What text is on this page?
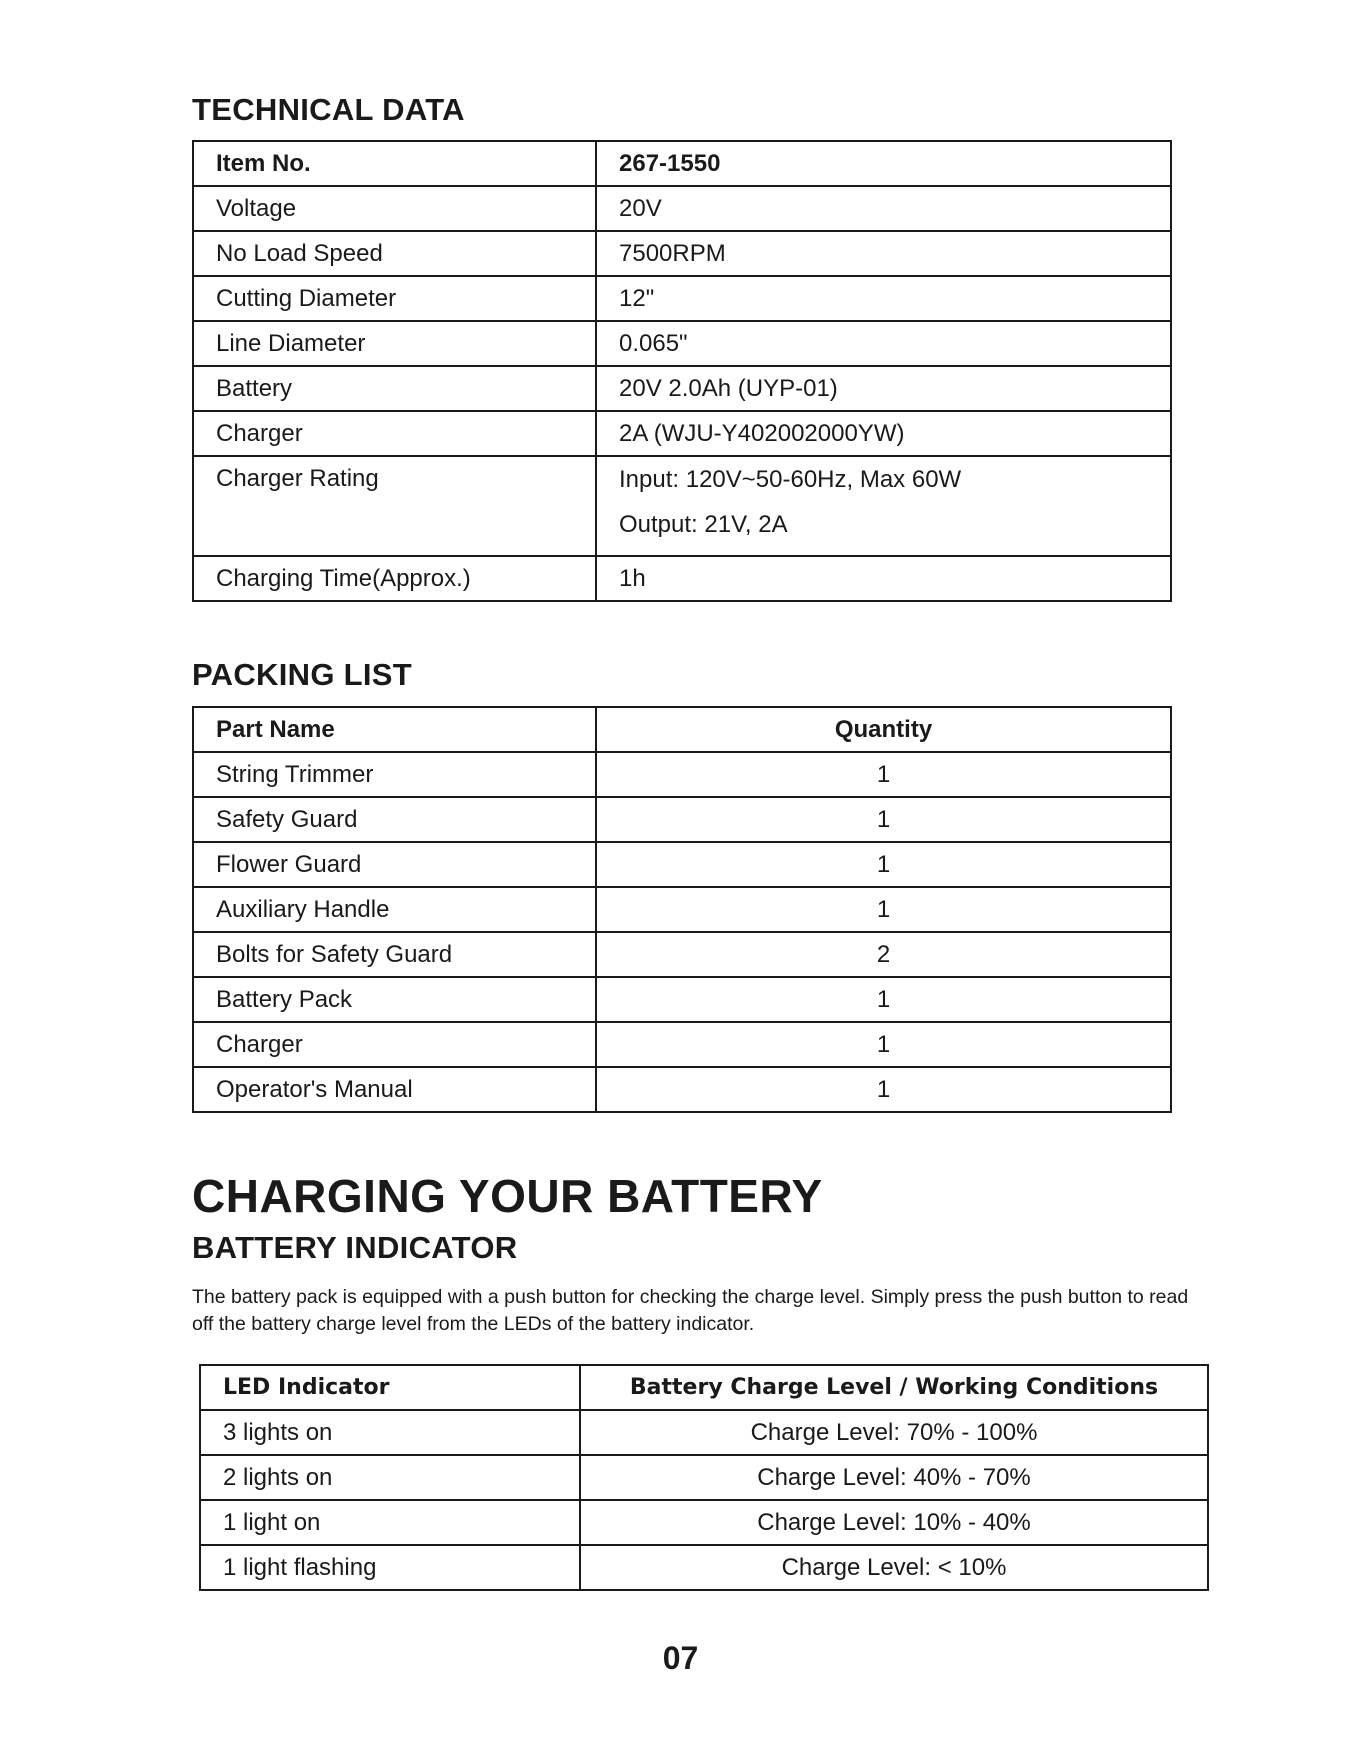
TECHNICAL DATA
Item No.	267-1550
Voltage	20V
No Load Speed	7500RPM
Cutting Diameter	12"
Line Diameter	0.065"
Battery	20V 2.0Ah (UYP-01)
Charger	2A (WJU-Y402002000YW)
Charger Rating	Input: 120V~50-60Hz, Max 60W
Output: 21V, 2A

Charging Time(Approx.)	1h
PACKING LIST
Part Name	Quantity
String Trimmer	1
Safety Guard	1
Flower Guard	1
Auxiliary Handle	1
Bolts for Safety Guard	2
Battery Pack	1
Charger	1
Operator's Manual	1
CHARGING YOUR BATTERY
BATTERY INDICATOR

The battery pack is equipped with a push button for checking the charge level. Simply press the push button to read off the battery charge level from the LEDs of the battery indicator.

LED Indicator	Battery Charge Level / Working Conditions
3 lights on	Charge Level: 70% - 100%
2 lights on	Charge Level: 40% - 70%
1 light on	Charge Level: 10% - 40%
1 light flashing	Charge Level: < 10%
07
